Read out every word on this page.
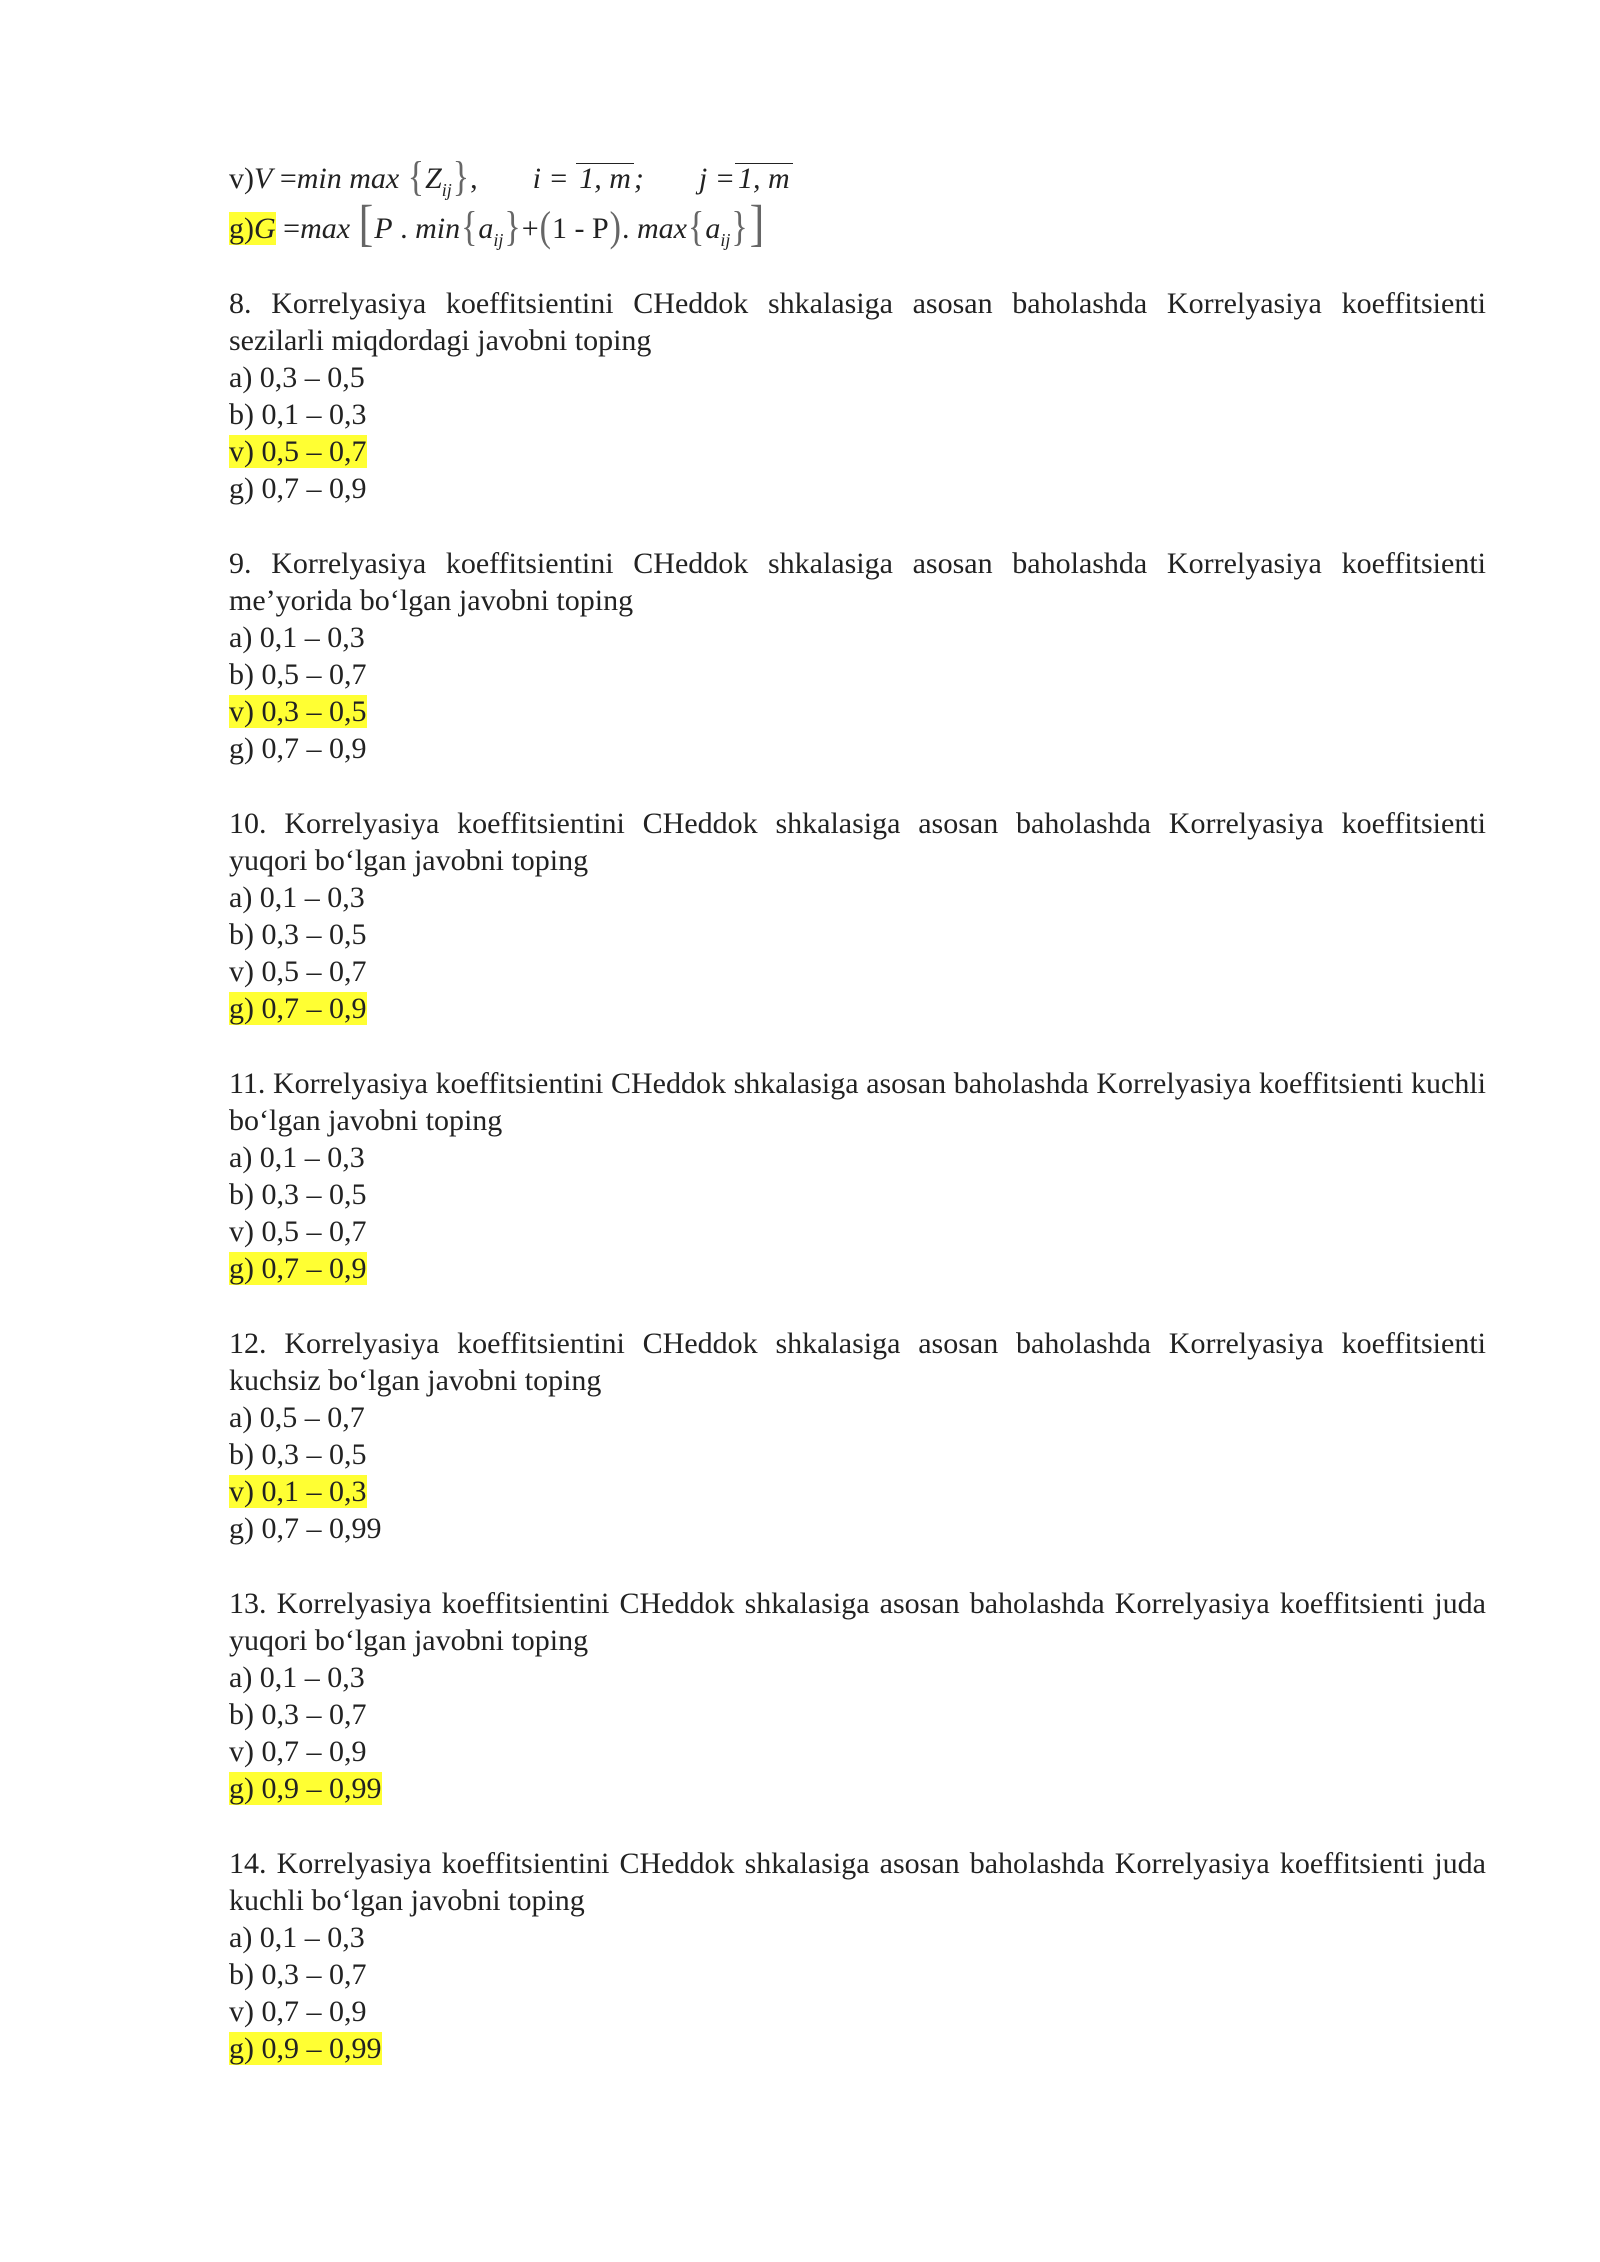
v)V =min $\max \{Z_{ij}\}$, i = 1, m ; j = 1, m
g)G =max [P . $\min\{a_{ij}\}+(1 - P)$. $\max\{a_{ij}\}$]
8. Korrelyasiya koeffitsientini CHeddok shkalasiga asosan baholashda Korrelyasiya koeffitsienti sezilarli miqdordagi javobni toping
a) 0,3 – 0,5
b) 0,1 – 0,3
v) 0,5 – 0,7
g) 0,7 – 0,9
9. Korrelyasiya koeffitsientini CHeddok shkalasiga asosan baholashda Korrelyasiya koeffitsienti me’yorida bo‘lgan javobni toping
a) 0,1 – 0,3
b) 0,5 – 0,7
v) 0,3 – 0,5
g) 0,7 – 0,9
10. Korrelyasiya koeffitsientini CHeddok shkalasiga asosan baholashda Korrelyasiya koeffitsienti yuqori bo‘lgan javobni toping
a) 0,1 – 0,3
b) 0,3 – 0,5
v) 0,5 – 0,7
g) 0,7 – 0,9
11. Korrelyasiya koeffitsientini CHeddok shkalasiga asosan baholashda Korrelyasiya koeffitsienti kuchli bo‘lgan javobni toping
a) 0,1 – 0,3
b) 0,3 – 0,5
v) 0,5 – 0,7
g) 0,7 – 0,9
12. Korrelyasiya koeffitsientini CHeddok shkalasiga asosan baholashda Korrelyasiya koeffitsienti kuchsiz bo‘lgan javobni toping
a) 0,5 – 0,7
b) 0,3 – 0,5
v) 0,1 – 0,3
g) 0,7 – 0,99
13. Korrelyasiya koeffitsientini CHeddok shkalasiga asosan baholashda Korrelyasiya koeffitsienti juda yuqori bo‘lgan javobni toping
a) 0,1 – 0,3
b) 0,3 – 0,7
v) 0,7 – 0,9
g) 0,9 – 0,99
14. Korrelyasiya koeffitsientini CHeddok shkalasiga asosan baholashda Korrelyasiya koeffitsienti juda kuchli bo‘lgan javobni toping
a) 0,1 – 0,3
b) 0,3 – 0,7
v) 0,7 – 0,9
g) 0,9 – 0,99
